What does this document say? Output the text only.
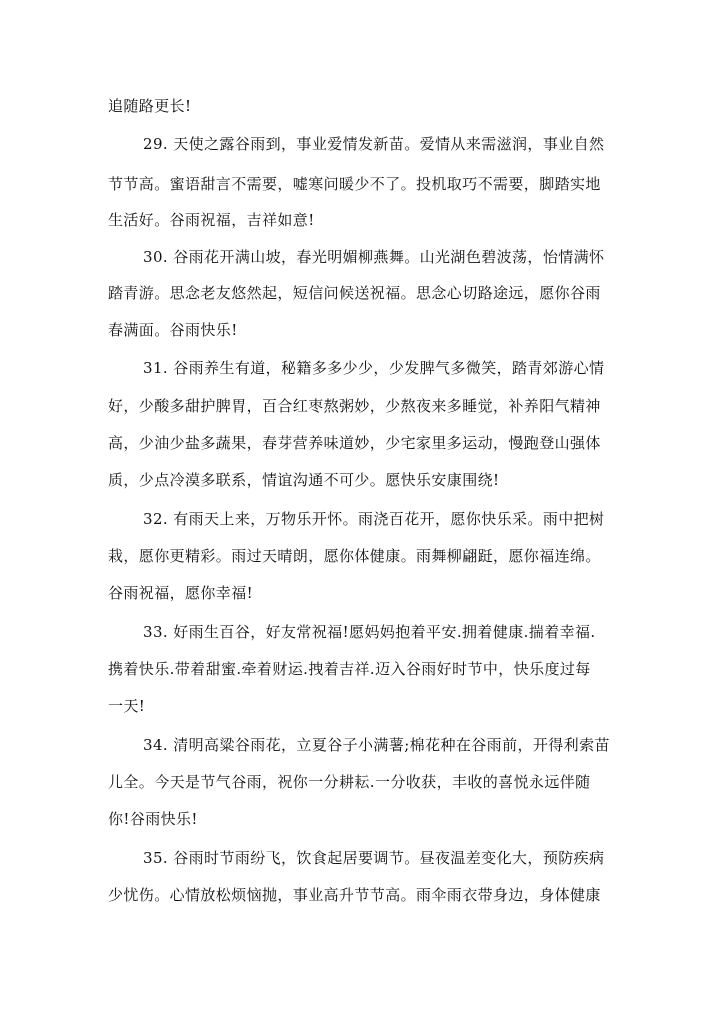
追随路更长!
29. 天使之露谷雨到，事业爱情发新苗。爱情从来需滋润，事业自然
节节高。蜜语甜言不需要，嘘寒问暖少不了。投机取巧不需要，脚踏实地
生活好。谷雨祝福，吉祥如意!
30. 谷雨花开满山坡，春光明媚柳燕舞。山光湖色碧波荡，怡情满怀
踏青游。思念老友悠然起，短信问候送祝福。思念心切路途远，愿你谷雨
春满面。谷雨快乐!
31. 谷雨养生有道，秘籍多多少少，少发脾气多微笑，踏青郊游心情
好，少酸多甜护脾胃，百合红枣熬粥妙，少熬夜来多睡觉，补养阳气精神
高，少油少盐多蔬果，春芽营养味道妙，少宅家里多运动，慢跑登山强体
质，少点冷漠多联系，情谊沟通不可少。愿快乐安康围绕!
32. 有雨天上来，万物乐开怀。雨浇百花开，愿你快乐采。雨中把树
栽，愿你更精彩。雨过天晴朗，愿你体健康。雨舞柳翩跹，愿你福连绵。
谷雨祝福，愿你幸福!
33. 好雨生百谷，好友常祝福!愿妈妈抱着平安.拥着健康.揣着幸福.
携着快乐.带着甜蜜.牵着财运.拽着吉祥.迈入谷雨好时节中，快乐度过每
一天!
34. 清明高粱谷雨花，立夏谷子小满薯;棉花种在谷雨前，开得利索苗
儿全。今天是节气谷雨，祝你一分耕耘.一分收获，丰收的喜悦永远伴随
你!谷雨快乐!
35. 谷雨时节雨纷飞，饮食起居要调节。昼夜温差变化大，预防疾病
少忧伤。心情放松烦恼抛，事业高升节节高。雨伞雨衣带身边，身体健康
